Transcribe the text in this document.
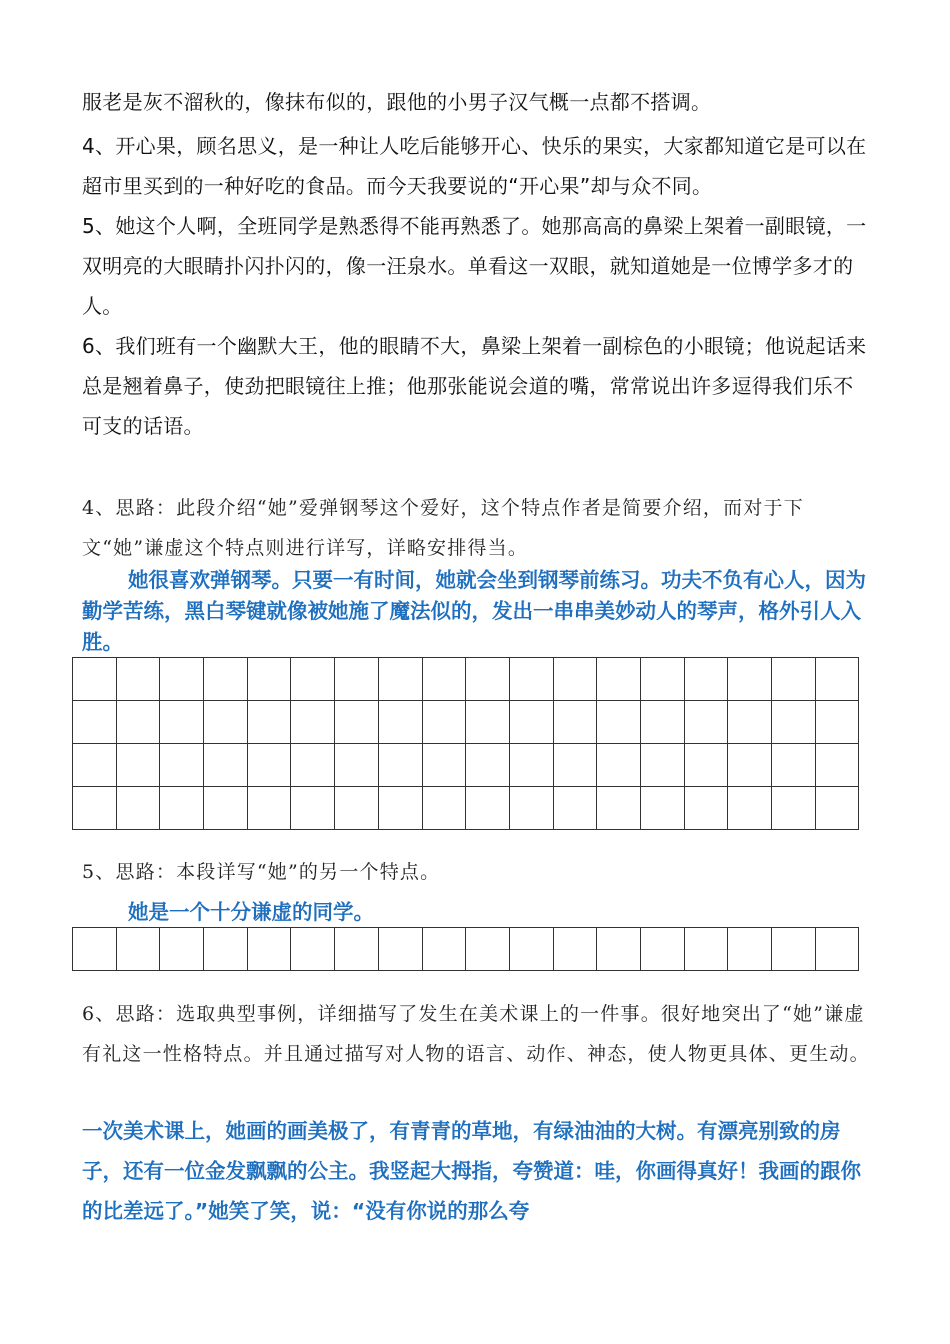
服老是灰不溜秋的，像抹布似的，跟他的小男子汉气概一点都不搭调。
4、开心果，顾名思义，是一种让人吃后能够开心、快乐的果实，大家都知道它是可以在超市里买到的一种好吃的食品。而今天我要说的“开心果”却与众不同。
5、她这个人啊，全班同学是熟悉得不能再熟悉了。她那高高的鼻梁上架着一副眼镜，一双明亮的大眼睛扑闪扑闪的，像一汪泉水。单看这一双眼，就知道她是一位博学多才的人。
6、我们班有一个幽默大王，他的眼睛不大，鼻梁上架着一副棕色的小眼镜；他说起话来总是翘着鼻子，使劲把眼镜往上推；他那张能说会道的嘴，常常说出许多逗得我们乐不可支的话语。
4、思路：此段介绍“她”爱弹钢琴这个爱好，这个特点作者是简要介绍，而对于下文“她”谦虚这个特点则进行详写，详略安排得当。
她很喜欢弹钢琴。只要一有时间，她就会坐到钢琴前练习。功夫不负有心人，因为勤学苦练，黑白琴键就像被她施了魔法似的，发出一串串美妙动人的琴声，格外引人入胜。

5、思路：本段详写“她”的另一个特点。
她是一个十分谦虚的同学。

6、思路：选取典型事例，详细描写了发生在美术课上的一件事。很好地突出了“她”谦虚有礼这一性格特点。并且通过描写对人物的语言、动作、神态，使人物更具体、更生动。
一次美术课上，她画的画美极了，有青青的草地，有绿油油的大树。有漂亮别致的房子，还有一位金发飘飘的公主。我竖起大拇指，夸赞道：哇，你画得真好！我画的跟你的比差远了。”她笑了笑，说：“没有你说的那么夸
